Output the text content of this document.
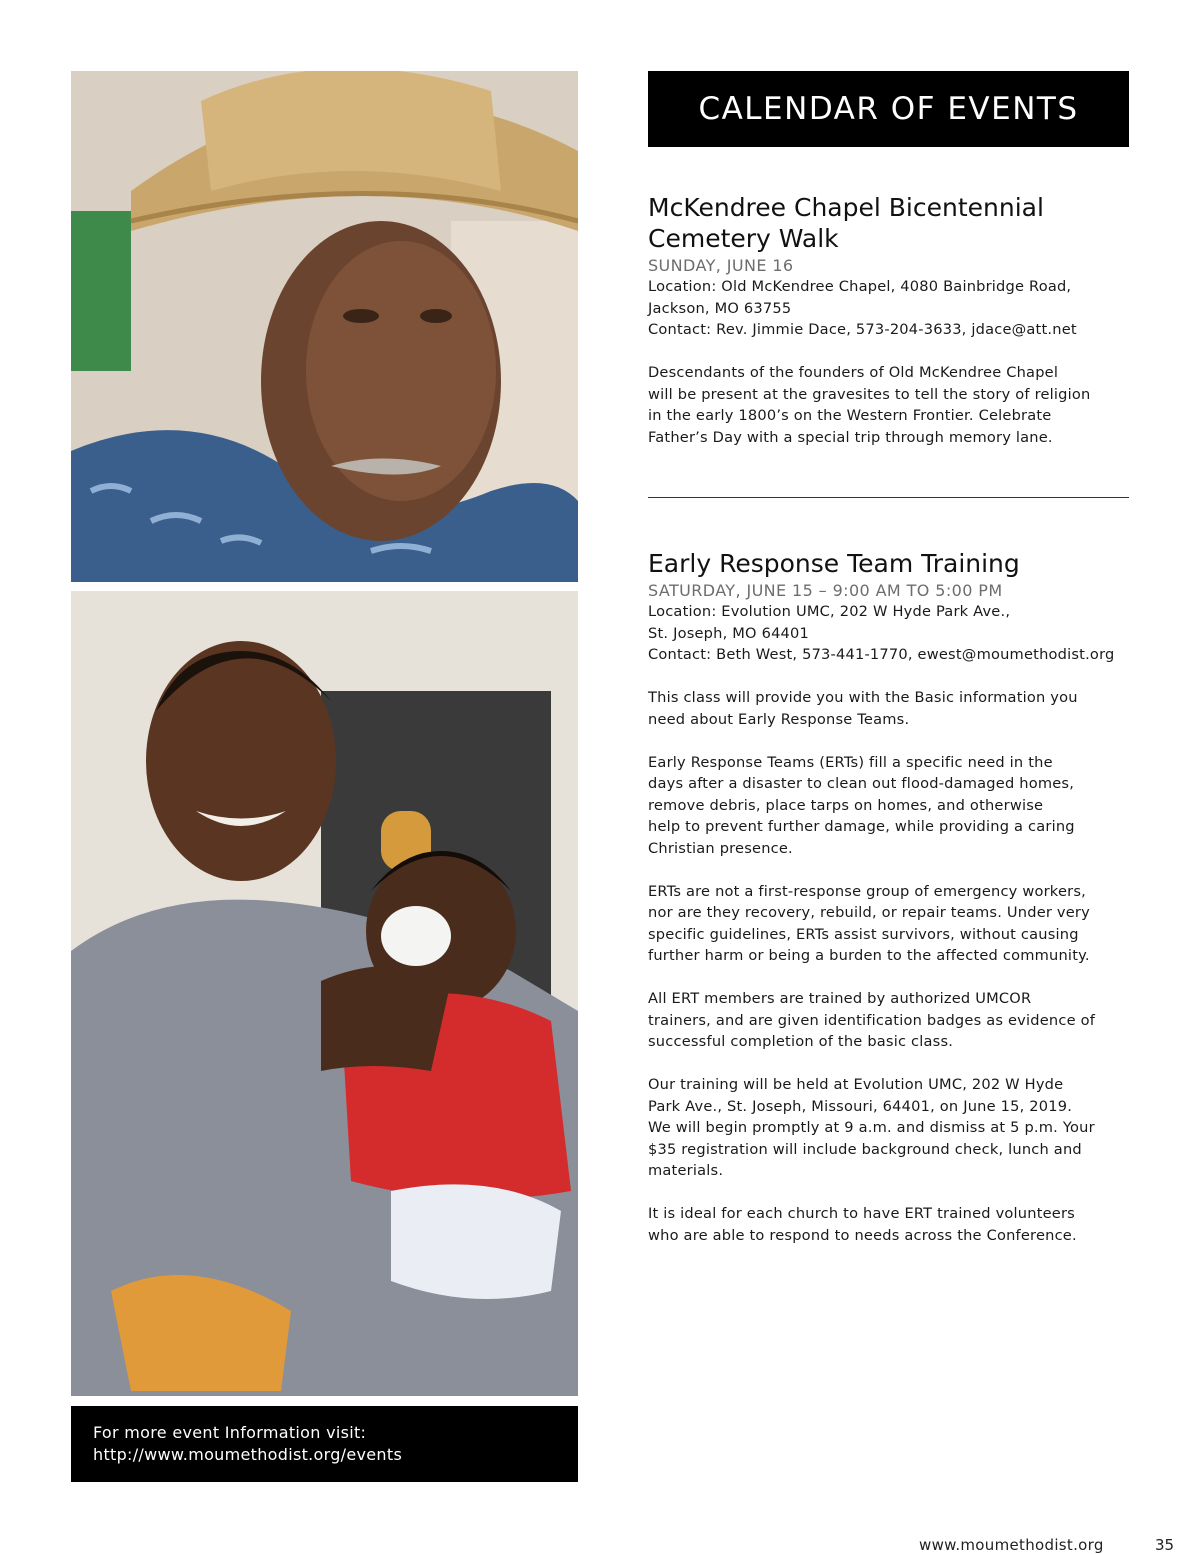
For more event Information visit:
http://www.moumethodist.org/events
CALENDAR OF EVENTS
McKendree Chapel Bicentennial
Cemetery Walk
SUNDAY, JUNE 16
Location: Old McKendree Chapel, 4080 Bainbridge Road,
Jackson, MO 63755
Contact: Rev. Jimmie Dace, 573-204-3633, jdace@att.net
Descendants of the founders of Old McKendree Chapel
will be present at the gravesites to tell the story of religion
in the early 1800’s on the Western Frontier. Celebrate
Father’s Day with a special trip through memory lane.
Early Response Team Training
SATURDAY, JUNE 15 – 9:00 AM TO 5:00 PM
Location: Evolution UMC, 202 W Hyde Park Ave.,
St. Joseph, MO 64401
Contact: Beth West, 573-441-1770, ewest@moumethodist.org
This class will provide you with the Basic information you
need about Early Response Teams.
Early Response Teams (ERTs) fill a specific need in the
days after a disaster to clean out flood-damaged homes,
remove debris, place tarps on homes, and otherwise
help to prevent further damage, while providing a caring
Christian presence.
ERTs are not a first-response group of emergency workers,
nor are they recovery, rebuild, or repair teams. Under very
specific guidelines, ERTs assist survivors, without causing
further harm or being a burden to the affected community.
All ERT members are trained by authorized UMCOR
trainers, and are given identification badges as evidence of
successful completion of the basic class.
Our training will be held at Evolution UMC, 202 W Hyde
Park Ave., St. Joseph, Missouri, 64401, on June 15, 2019.
We will begin promptly at 9 a.m. and dismiss at 5 p.m. Your
$35 registration will include background check, lunch and
materials.
It is ideal for each church to have ERT trained volunteers
who are able to respond to needs across the Conference.
www.moumethodist.org	35
